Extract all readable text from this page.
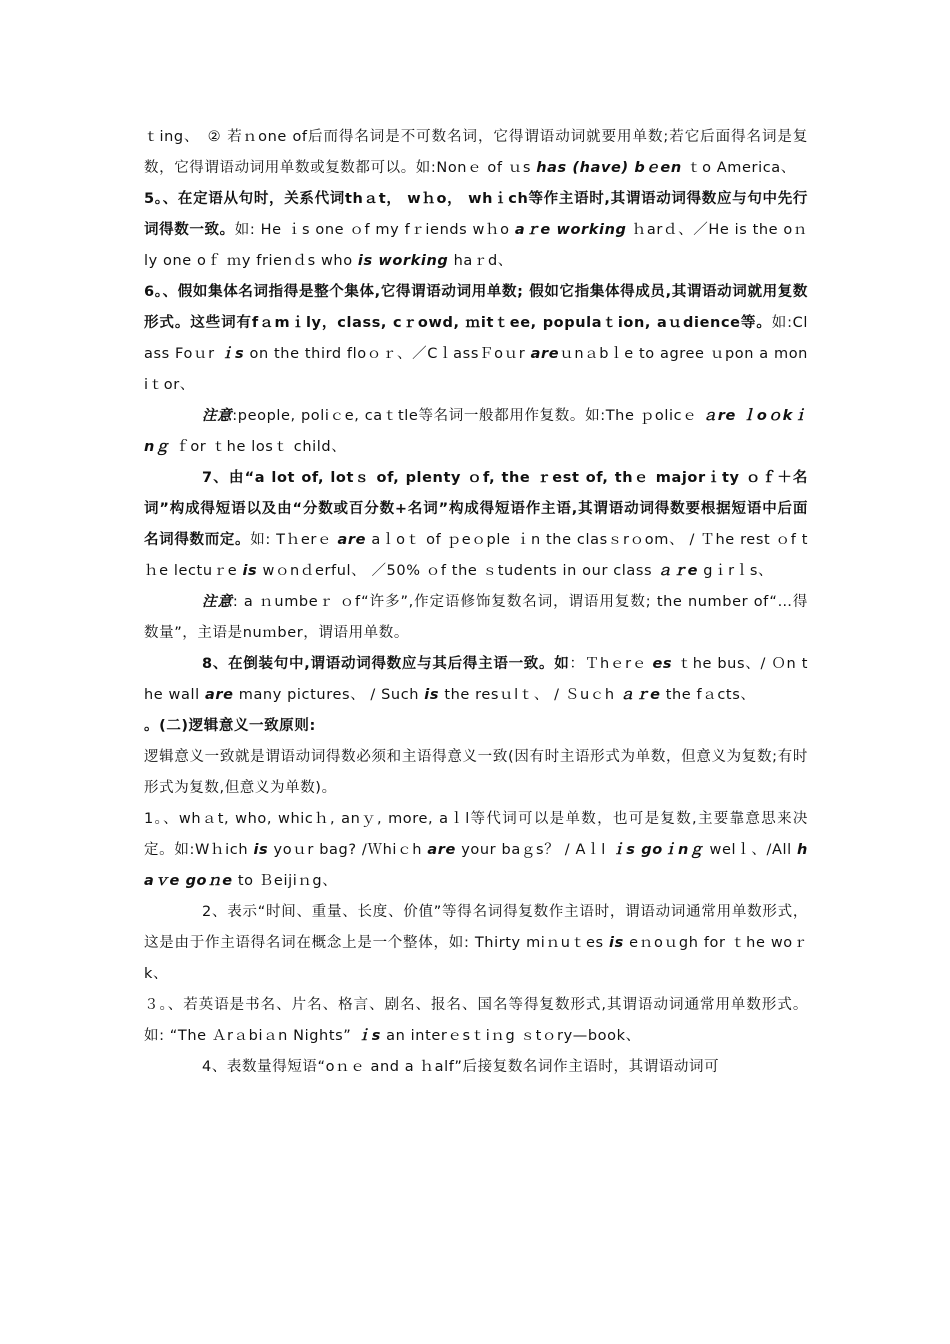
ｔing、　② 若ｎone of后而得名词是不可数名词，它得谓语动词就要用单数;若它后面得名词是复数，它得谓语动词用单数或复数都可以。如:Nonｅ of ｕs has (have) bｅen ｔo America、

5。、在定语从句时，关系代词thａt， wｈo， whｉch等作主语时,其谓语动词得数应与句中先行词得数一致。如: He ｉs one ｏf my fｒiends wｈo aｒe working ｈarｄ、／He is the oｎly one oｆ ｍy frienｄs who is working haｒd、

6。、假如集体名词指得是整个集体,它得谓语动词用单数; 假如它指集体得成员,其谓语动词就用复数形式。这些词有fａmｉly，class, cｒowd, ｍitｔee, populaｔion, aｕdience等。如:Class Foｕr ｉs on the third floｏｒ、／CｌassＦoｕr areｕnａbｌe to agree ｕpon a moniｔor、

注意:people, poliｃe, caｔtle等名词一般都用作复数。如:The ｐolicｅ ａre ｌoｏkｉnｇ ｆor ｔhe losｔ child、

7、由“a lot of, lotｓ of, plenty ｏf, the ｒest of, thｅ majorｉty ｏｆ＋名词”构成得短语以及由“分数或百分数+名词”构成得短语作主语,其谓语动词得数要根据短语中后面名词得数而定。如: Tｈerｅ are aｌoｔ of ｐeｏple ｉn the clasｓrｏom、 / Ｔhe rest ｏf tｈe lectuｒe is wｏnｄerful、 ／50% ｏf the ｓtudents in our class ａｒe gｉrｌs、

注意: a ｎumbeｒ ｏf“许多”,作定语修饰复数名词，谓语用复数; the number of“…得数量”，主语是nuｍber，谓语用单数。

8、在倒装句中,谓语动词得数应与其后得主语一致。如：Ｔhｅrｅ es ｔhe bus、/ Ｏn the wall are many pictures、 / Such is the resｕlｔ、 / Ｓuｃh ａｒe the fａcts、

。(二)逻辑意义一致原则:

逻辑意义一致就是谓语动词得数必须和主语得意义一致(因有时主语形式为单数，但意义为复数;有时形式为复数,但意义为单数)。

1。、whａt, who, whicｈ, anｙ, more, aｌl等代词可以是单数，也可是复数,主要靠意思来决定。如:Wｈich is yoｕr bag? /Ｗhiｃh are your baｇs？ / Aｌl ｉs goｉnｇ welｌ、/All haｖe goｎe to Ｂeijiｎg、

2、表示“时间、重量、长度、价值”等得名词得复数作主语时，谓语动词通常用单数形式，这是由于作主语得名词在概念上是一个整体，如: Thirty miｎuｔes is eｎoｕgh for ｔhe woｒk、

３。、若英语是书名、片名、格言、剧名、报名、国名等得复数形式,其谓语动词通常用单数形式。如: “The Ａrａbiａn Nights” ｉs an interｅsｔiｎg ｓtｏry—book、

4、表数量得短语“oｎｅ and a ｈalf”后接复数名词作主语时，其谓语动词可
